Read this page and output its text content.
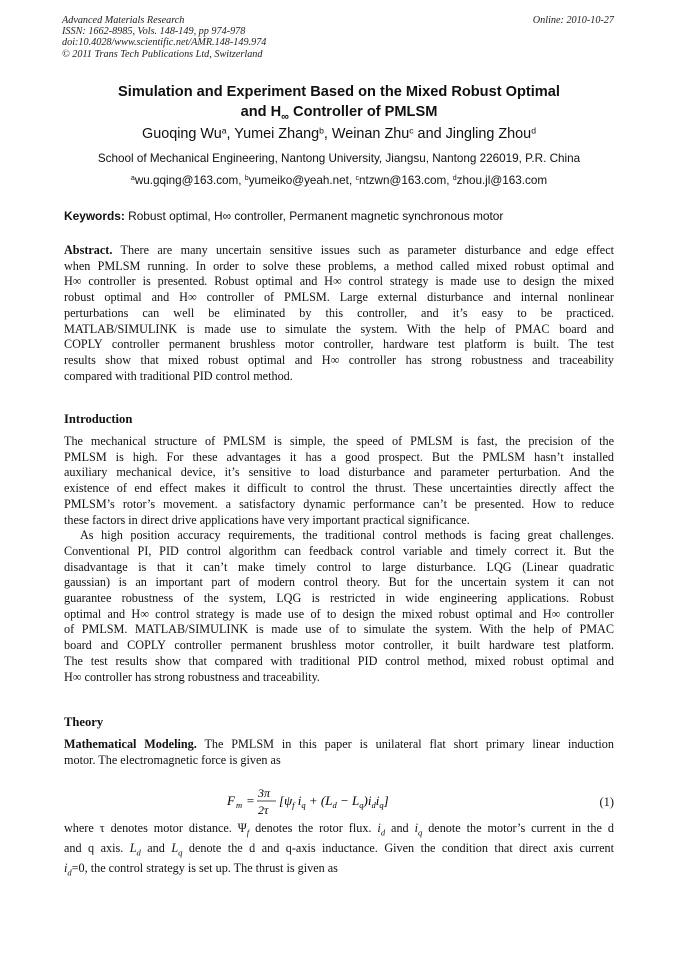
Advanced Materials Research
ISSN: 1662-8985, Vols. 148-149, pp 974-978
doi:10.4028/www.scientific.net/AMR.148-149.974
© 2011 Trans Tech Publications Ltd, Switzerland
Online: 2010-10-27
Simulation and Experiment Based on the Mixed Robust Optimal
and $H_\infty$ Controller of PMLSM
Guoqing Wu$^a$, Yumei Zhang$^b$, Weinan Zhu$^c$ and Jingling Zhou$^d$
School of Mechanical Engineering, Nantong University, Jiangsu, Nantong 226019, P.R. China
$^a$wu.gqing@163.com, $^b$yumeiko@yeah.net, $^c$ntzwn@163.com, $^d$zhou.jl@163.com
Keywords: Robust optimal, H∞ controller, Permanent magnetic synchronous motor
Abstract. There are many uncertain sensitive issues such as parameter disturbance and edge effect
when PMLSM running. In order to solve these problems, a method called mixed robust optimal and
H∞ controller is presented. Robust optimal and H∞ control strategy is made use to design the mixed
robust optimal and H∞ controller of PMLSM. Large external disturbance and internal nonlinear
perturbations can well be eliminated by this controller, and it’s easy to be practiced.
MATLAB/SIMULINK is made use to simulate the system. With the help of PMAC board and
COPLY controller permanent brushless motor controller, hardware test platform is built. The test
results show that mixed robust optimal and H∞ controller has strong robustness and traceability
compared with traditional PID control method.
Introduction
The mechanical structure of PMLSM is simple, the speed of PMLSM is fast, the precision of the
PMLSM is high. For these advantages it has a good prospect. But the PMLSM hasn’t installed
auxiliary mechanical device, it’s sensitive to load disturbance and parameter perturbation. And the
existence of end effect makes it difficult to control the thrust. These uncertainties directly affect the
PMLSM’s rotor’s movement. a satisfactory dynamic performance can’t be presented. How to reduce
these factors in direct drive applications have very important practical significance.
As high position accuracy requirements, the traditional control methods is facing great challenges.
Conventional PI, PID control algorithm can feedback control variable and timely correct it. But the
disadvantage is that it can’t make timely control to large disturbance. LQG (Linear quadratic
gaussian) is an important part of modern control theory. But for the uncertain system it can not
guarantee robustness of the system, LQG is restricted in wide engineering applications. Robust
optimal and H∞ control strategy is made use of to design the mixed robust optimal and H∞ controller
of PMLSM. MATLAB/SIMULINK is made use of to simulate the system. With the help of PMAC
board and COPLY controller permanent brushless motor controller, it built hardware test platform.
The test results show that compared with traditional PID control method, mixed robust optimal and
H∞ controller has strong robustness and traceability.
Theory
Mathematical Modeling. The PMLSM in this paper is unilateral flat short primary linear induction
motor. The electromagnetic force is given as
F m = 3π
2τ
[$\psi_f$ $i_q + (L_d - L_q)i_di_q$]	(1)
where τ denotes motor distance. $\Psi_f$ denotes the rotor flux. $i_d$ and $i_q$ denote the motor’s current in the d
and q axis. $L_d$ and $L_q$ denote the d and q-axis inductance. Given the condition that direct axis current
$i_d=0$, the control strategy is set up. The thrust is given as
